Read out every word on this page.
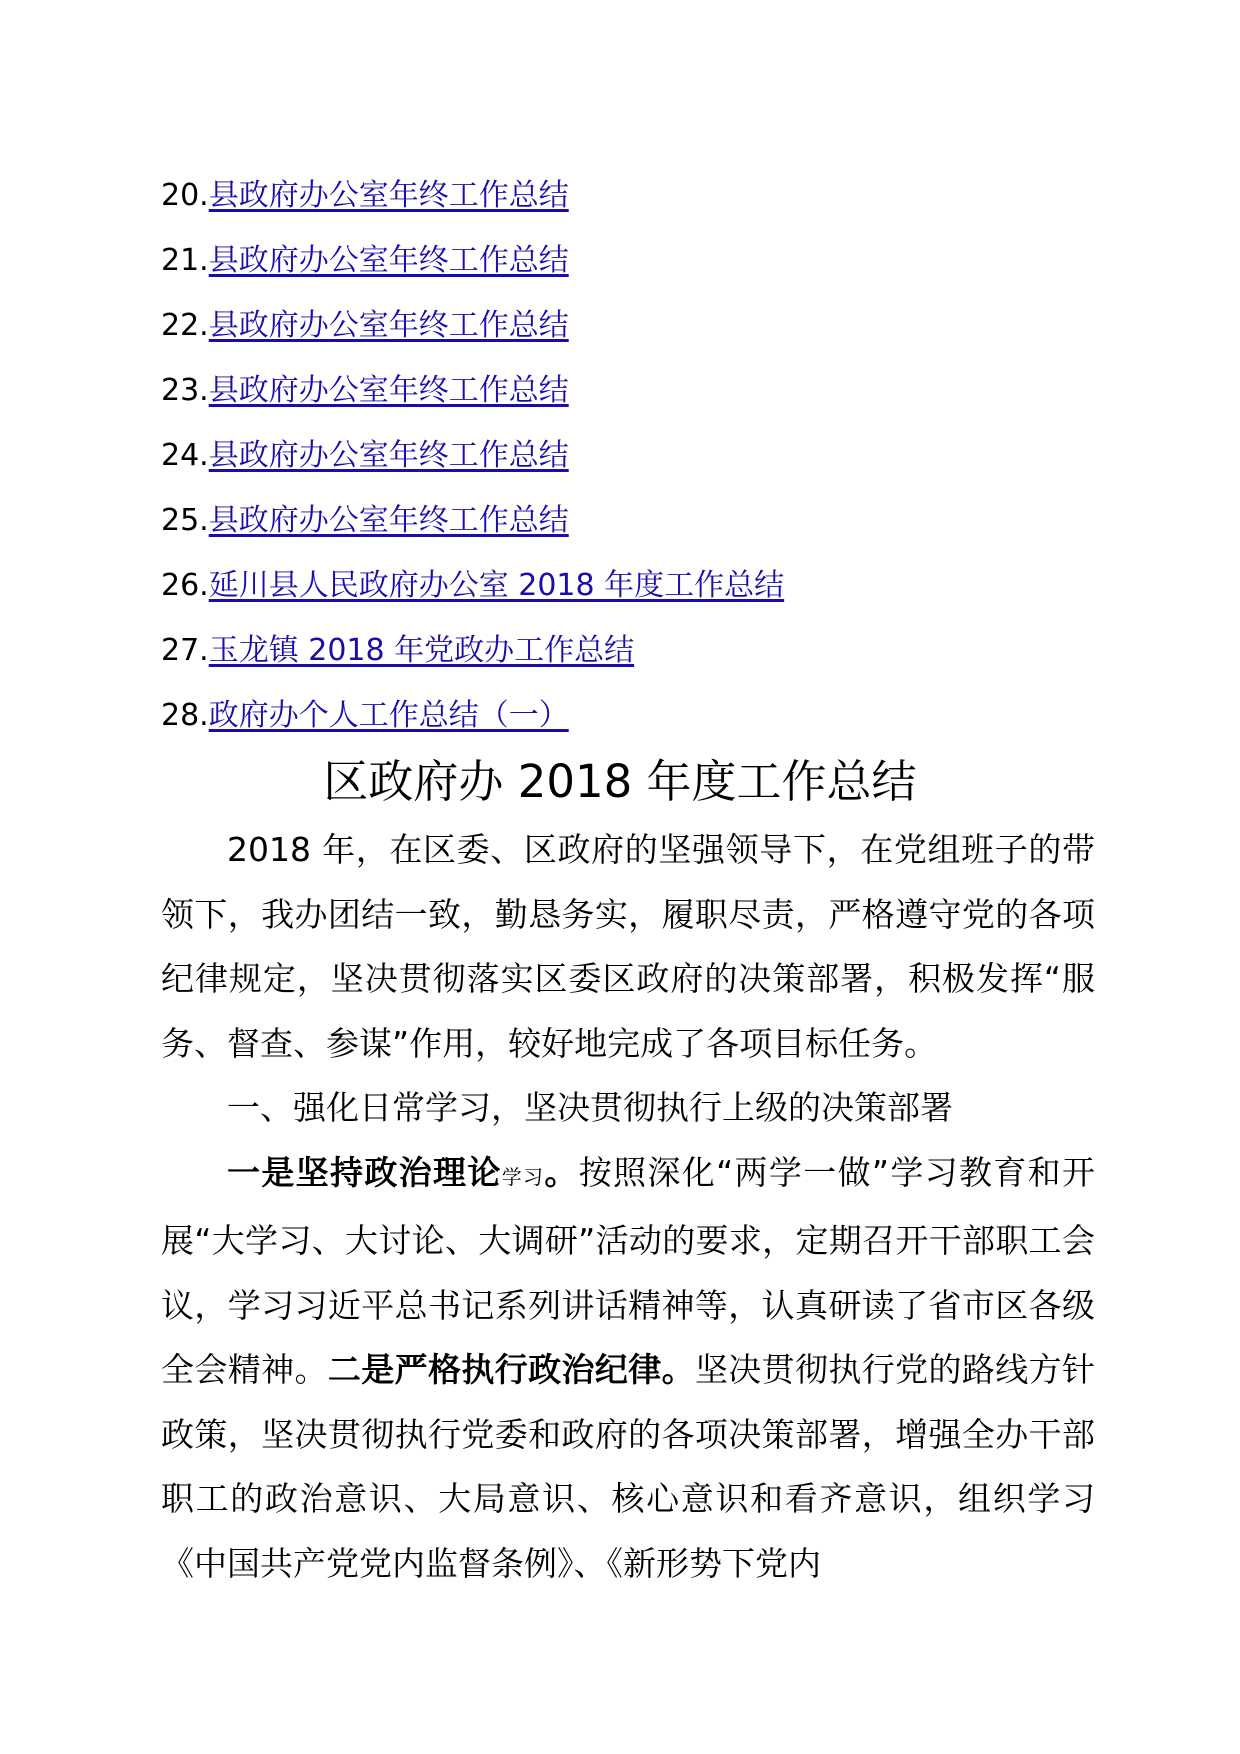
20.县政府办公室年终工作总结
21.县政府办公室年终工作总结
22.县政府办公室年终工作总结
23.县政府办公室年终工作总结
24.县政府办公室年终工作总结
25.县政府办公室年终工作总结
26.延川县人民政府办公室 2018 年度工作总结
27.玉龙镇 2018 年党政办工作总结
28.政府办个人工作总结（一）
区政府办 2018 年度工作总结

2018 年，在区委、区政府的坚强领导下，在党组班子的带领下，我办团结一致，勤恳务实，履职尽责，严格遵守党的各项纪律规定，坚决贯彻落实区委区政府的决策部署，积极发挥“服务、督查、参谋”作用，较好地完成了各项目标任务。

一、强化日常学习，坚决贯彻执行上级的决策部署

一是坚持政治理论学习。按照深化“两学一做”学习教育和开展“大学习、大讨论、大调研”活动的要求，定期召开干部职工会议，学习习近平总书记系列讲话精神等，认真研读了省市区各级全会精神。二是严格执行政治纪律。坚决贯彻执行党的路线方针政策，坚决贯彻执行党委和政府的各项决策部署，增强全办干部职工的政治意识、大局意识、核心意识和看齐意识，组织学习《中国共产党党内监督条例》、《新形势下党内
